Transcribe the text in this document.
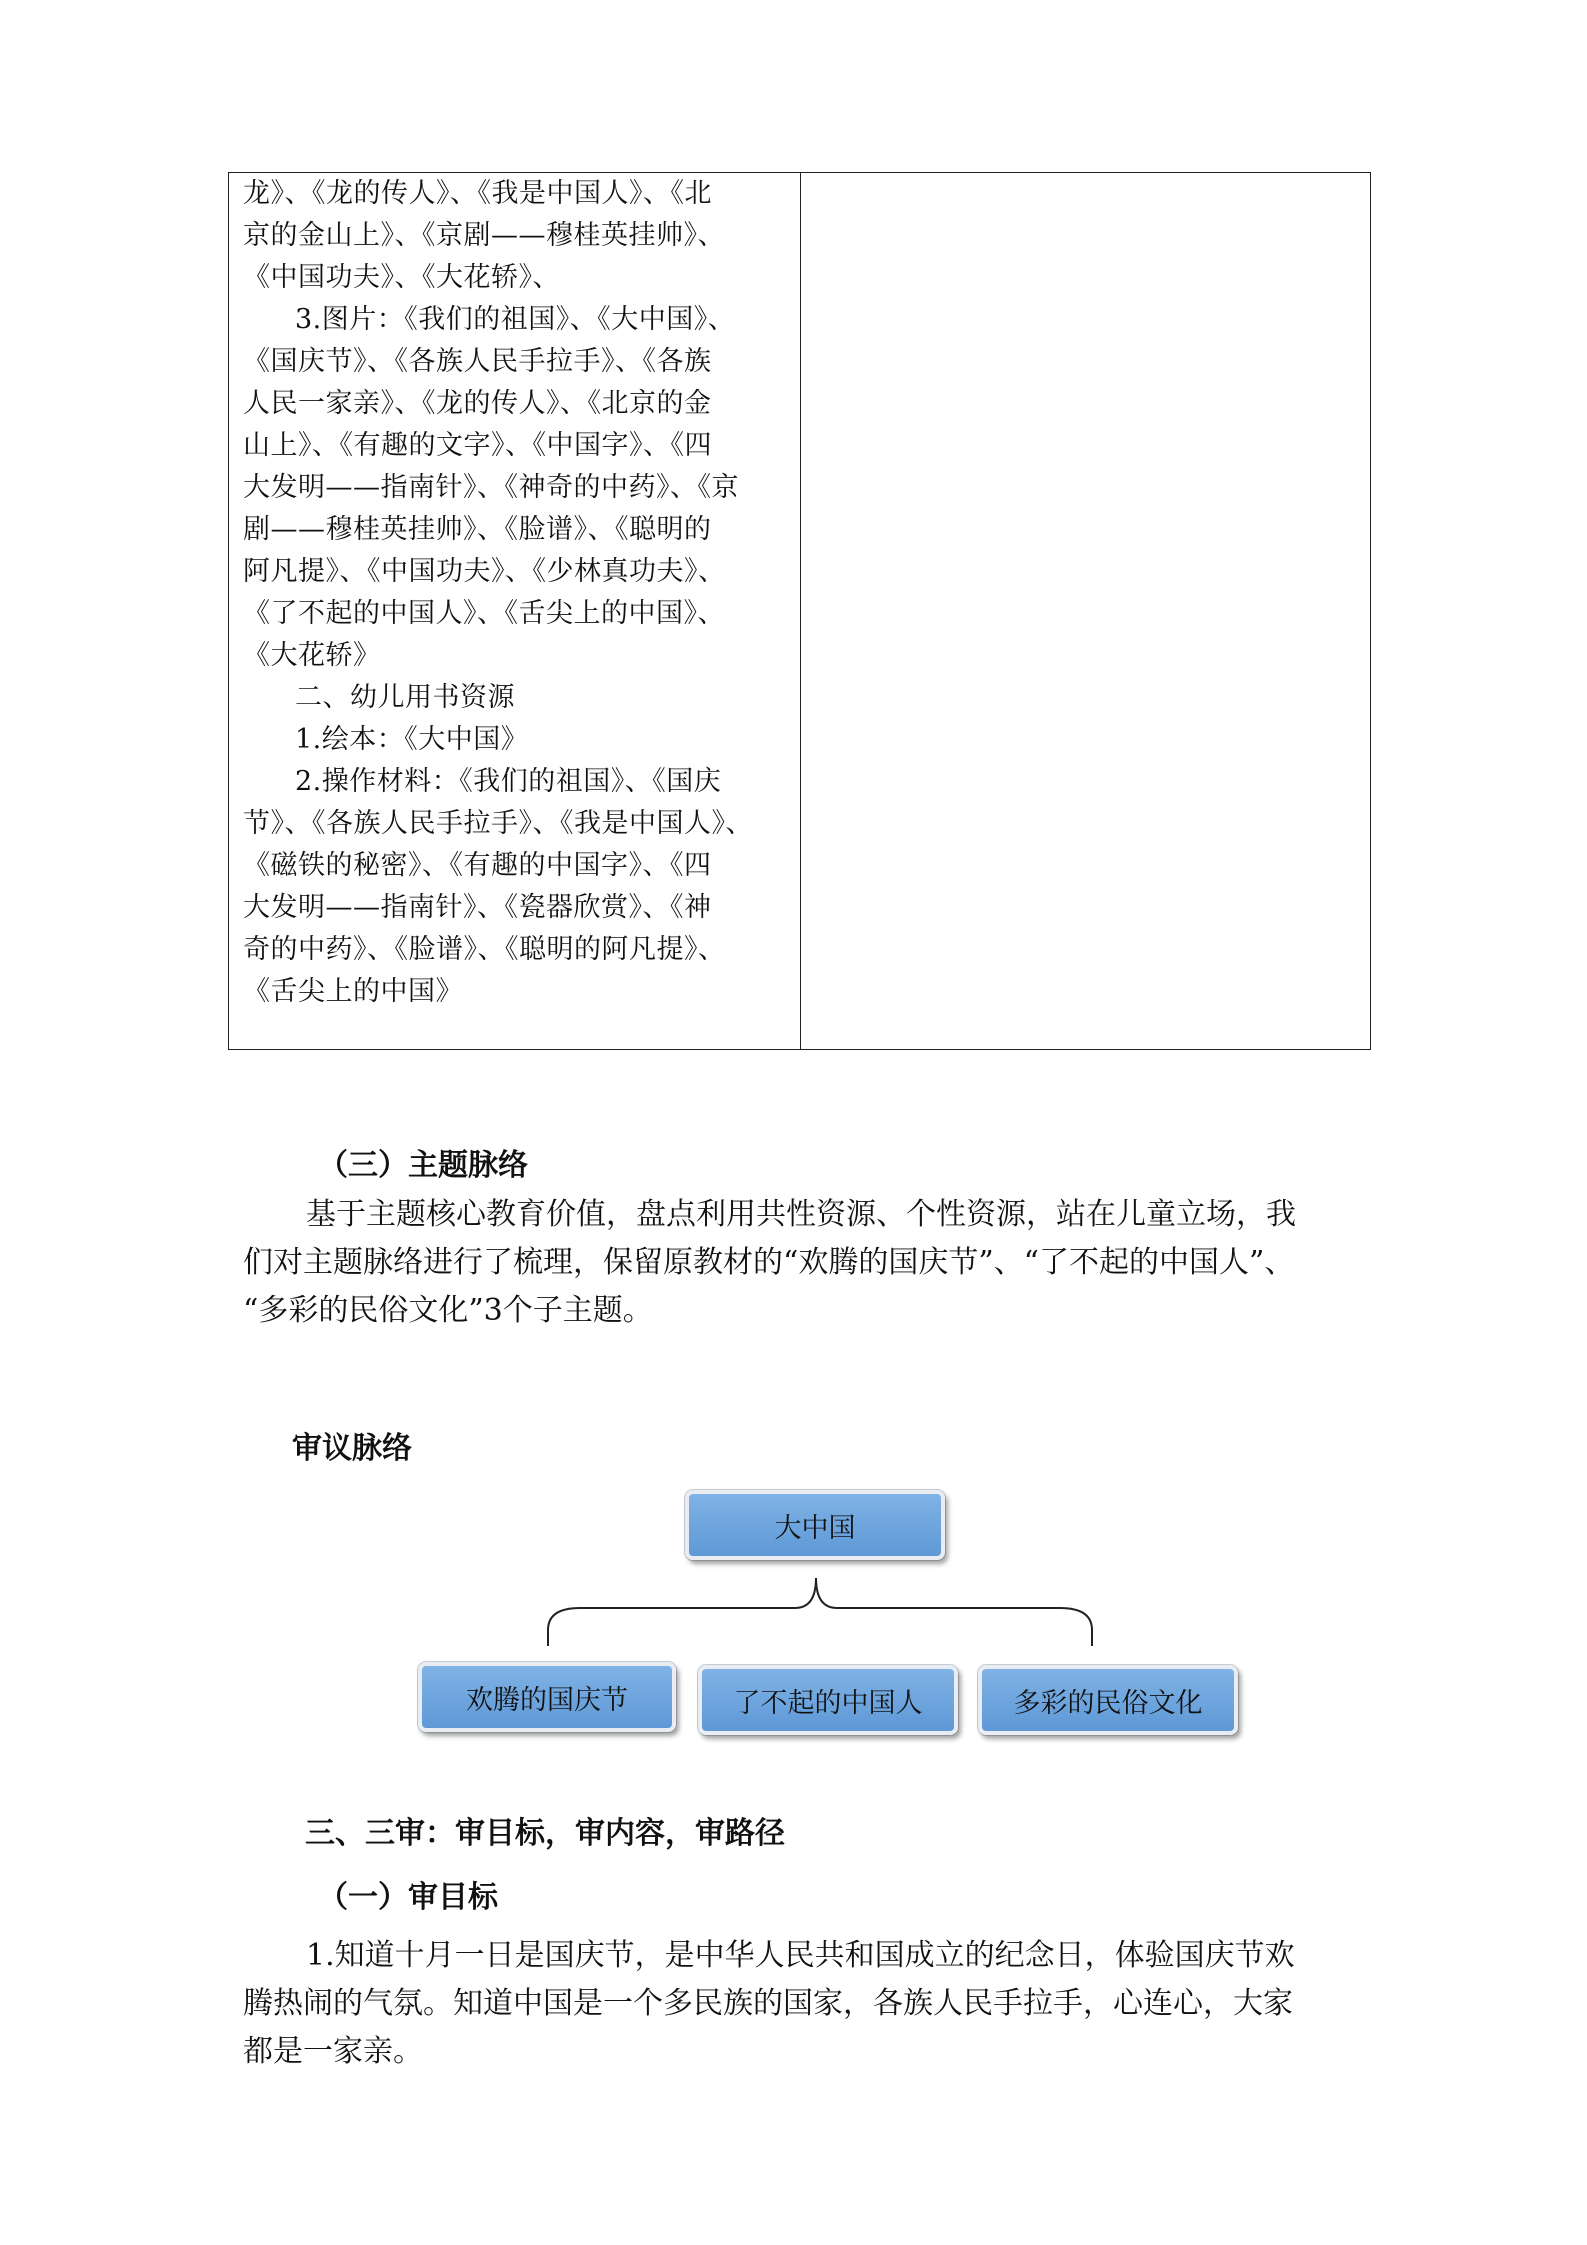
龙》、《龙的传人》、《我是中国人》、《北
京的金山上》、《京剧——穆桂英挂帅》、
《中国功夫》、《大花轿》、
3.图片：《我们的祖国》、《大中国》、
《国庆节》、《各族人民手拉手》、《各族
人民一家亲》、《龙的传人》、《北京的金
山上》、《有趣的文字》、《中国字》、《四
大发明——指南针》、《神奇的中药》、《京
剧——穆桂英挂帅》、《脸谱》、《聪明的
阿凡提》、《中国功夫》、《少林真功夫》、
《了不起的中国人》、《舌尖上的中国》、
《大花轿》
二、幼儿用书资源
1.绘本：《大中国》
2.操作材料：《我们的祖国》、《国庆
节》、《各族人民手拉手》、《我是中国人》、
《磁铁的秘密》、《有趣的中国字》、《四
大发明——指南针》、《瓷器欣赏》、《神
奇的中药》、《脸谱》、《聪明的阿凡提》、
《舌尖上的中国》
（三）主题脉络
基于主题核心教育价值，盘点利用共性资源、个性资源，站在儿童立场，我
们对主题脉络进行了梳理，保留原教材的“欢腾的国庆节”、“了不起的中国人”、
“多彩的民俗文化”3个子主题。
审议脉络
大中国
欢腾的国庆节	了不起的中国人	多彩的民俗文化
三、三审：审目标，审内容，审路径
（一）审目标
1.知道十月一日是国庆节，是中华人民共和国成立的纪念日，体验国庆节欢
腾热闹的气氛。知道中国是一个多民族的国家，各族人民手拉手，心连心，大家
都是一家亲。
